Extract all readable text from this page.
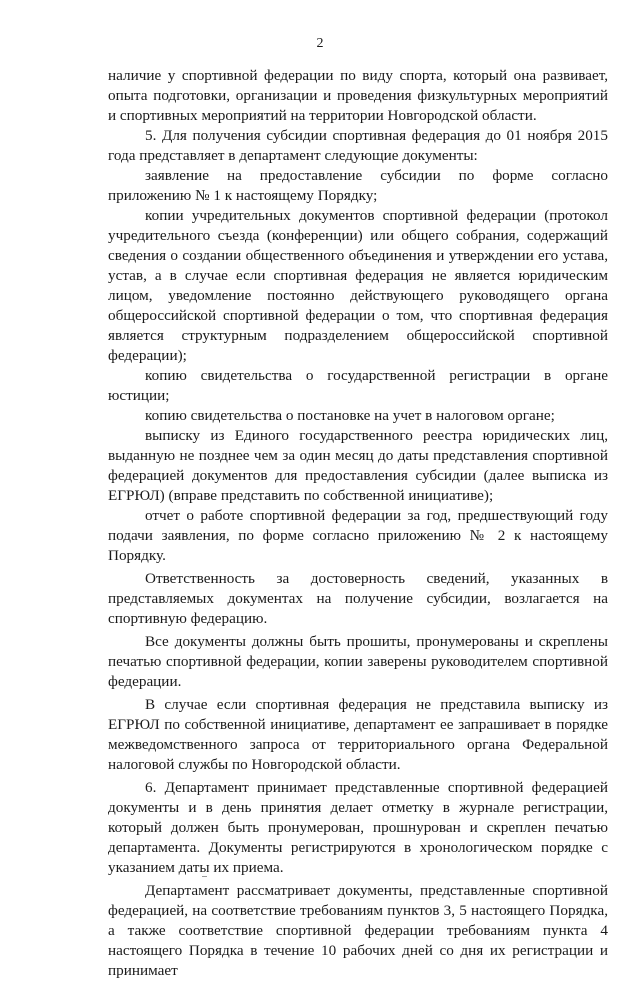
2

наличие у спортивной федерации по виду спорта, который она развивает, опыта подготовки, организации и проведения физкультурных мероприятий и спортивных мероприятий на территории Новгородской области.

5. Для получения субсидии спортивная федерация до 01 ноября 2015 года представляет в департамент следующие документы:

заявление на предоставление субсидии по форме согласно приложению № 1 к настоящему Порядку;

копии учредительных документов спортивной федерации (протокол учредительного съезда (конференции) или общего собрания, содержащий сведения о создании общественного объединения и утверждении его устава, устав, а в случае если спортивная федерация не является юридическим лицом, уведомление постоянно действующего руководящего органа общероссийской спортивной федерации о том, что спортивная федерация является структурным подразделением общероссийской спортивной федерации);

копию свидетельства о государственной регистрации в органе юстиции;

копию свидетельства о постановке на учет в налоговом органе;

выписку из Единого государственного реестра юридических лиц, выданную не позднее чем за один месяц до даты представления спортивной федерацией документов для предоставления субсидии (далее выписка из ЕГРЮЛ) (вправе представить по собственной инициативе);

отчет о работе спортивной федерации за год, предшествующий году подачи заявления, по форме согласно приложению № 2 к настоящему Порядку.

Ответственность за достоверность сведений, указанных в представляемых документах на получение субсидии, возлагается на спортивную федерацию.

Все документы должны быть прошиты, пронумерованы и скреплены печатью спортивной федерации, копии заверены руководителем спортивной федерации.

В случае если спортивная федерация не представила выписку из ЕГРЮЛ по собственной инициативе, департамент ее запрашивает в порядке межведомственного запроса от территориального органа Федеральной налоговой службы по Новгородской области.

6. Департамент принимает представленные спортивной федерацией документы и в день принятия делает отметку в журнале регистрации, который должен быть пронумерован, прошнурован и скреплен печатью департамента. Документы регистрируются в хронологическом порядке с указанием даты их приема.

Департамент рассматривает документы, представленные спортивной федерацией, на соответствие требованиям пунктов 3, 5 настоящего Порядка, а также соответствие спортивной федерации требованиям пункта 4 настоящего Порядка в течение 10 рабочих дней со дня их регистрации и принимает
